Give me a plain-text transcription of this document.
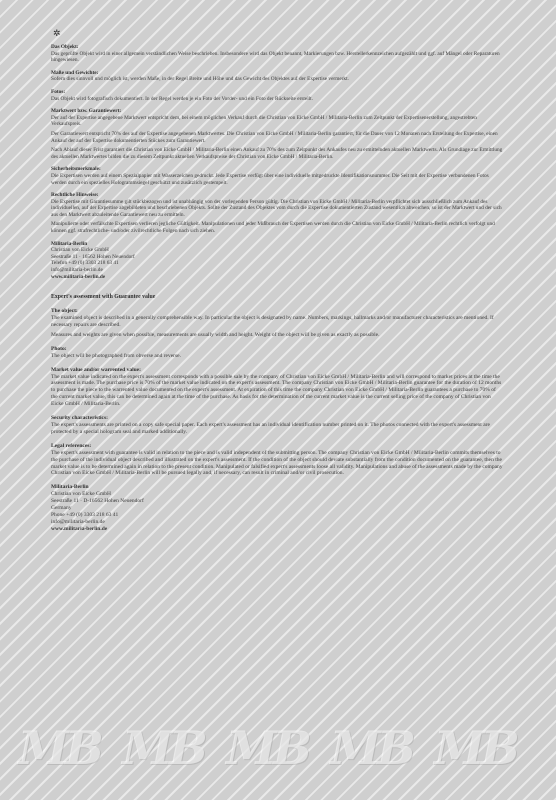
✲
Das Objekt:

Das geprüfte Objekt wird in einer allgemein verständlichen Weise beschrieben. Insbesondere wird das Objekt benannt, Markierungen bzw. Herstellerkennzeichen aufgezählt und ggf. auf Mängel oder Reparaturen hingewiesen.

Maße und Gewichte:

Sofern dies sinnvoll und möglich ist, werden Maße, in der Regel Breite und Höhe und das Gewicht des Objektes auf der Expertise vermerkt.

Fotos:

Das Objekt wird fotografisch dokumentiert. In der Regel werden je ein Foto der Vorder- und ein Foto der Rückseite erstellt.

Marktwert bzw. Garantiewert:

Der auf der Expertise angegebene Marktwert entspricht dem, bei einem möglichen Verkauf durch die Christian von Eicke GmbH / Militaria-Berlin zum Zeitpunkt der Expertisenerstellung, angestrebten Verkaufspreis.

Der Garantiewert entspricht 70% des auf der Expertise angegebenen Marktwertes. Die Christian von Eicke GmbH / Militaria-Berlin garantiert, für die Dauer von 12 Monaten nach Erstellung der Expertise, einen Ankauf der auf der Expertise dokumentierten Stückes zum Garantiewert.

Nach Ablauf dieser Frist garantiert die Christian von Eicke GmbH / Militaria-Berlin einen Ankauf zu 70% des zum Zeitpunkt des Ankaufes neu zu ermittelnden aktuellen Marktwerts. Als Grundlage zur Ermittlung des aktuellen Marktwertes bilden die zu diesem Zeitpunkt aktuellen Verkaufspreise der Christian von Eicke GmbH / Militaria-Berlin.

Sicherheitsmerkmale:

Die Expertisen werden auf einem Spezialpapier mit Wasserzeichen gedruckt. Jede Expertise verfügt über eine individuelle mitgedruckte Identifikationsnummer. Die Seit mit der Expertise verbundenen Fotos werden durch ein spezielles Hologrammsiegel geschützt und zusätzlich gestempelt.

Rechtliche Hinweise:

Die Expertise mit Garantiesumme gilt stückbezogen und ist unabhängig von der vorlegenden Person gültig. Die Christian von Eicke GmbH / Militaria-Berlin verpflichtet sich ausschließlich zum Ankauf des individuellen, auf der Expertise abgebildeten und beschriebenen Objekts. Sollte der Zustand des Objektes vom durch die Expertise dokumentierten Zustand wesentlich abweichen, so ist der Marktwert und der sich aus den Marktwert abzuleitende Garantiewert neu zu ermitteln.

Manipulierte oder verfälschte Expertisen verlieren jegliche Gültigkeit. Manipulationen und jeder Mißbrauch der Expertisen werden durch die Christian von Eicke GmbH / Militaria-Berlin rechtlich verfolgt und können ggf. strafrechtliche- und/oder zivilrechtliche Folgen nach sich ziehen.

Militaria-Berlin

Christian von Eicke GmbH

Seestraße 11 · 16562 Hohen Neuendorf

Telefon +49 (0) 3303 218 63 41

info@militaria-berlin.de

www.militaria-berlin.de

Expert's assessment with Guarantee value
The object:

The examined object is described in a generally comprehensible way. In particular the object is designated by name. Numbers, markings, hallmarks and/or manufacturer characteristics are mentioned. If necessary repairs are described.

Measures and weights are given when possible, measurements are usually width and height. Weight of the object will be given as exactly as possible.

Photo:

The object will be photographed from obverse and reverse.

Market value and/or warrented value:

The market value indicated on the expert's assessment corresponds with a possible sale by the company of Christian von Eicke GmbH / Militaria-Berlin and will correspond to market prices at the time the assessment is made. The purchase price is 70% of the market value indicated on the expert's assessment. The company Christian von Eicke GmbH / Militaria-Berlin guarantee for the duration of 12 months to purchase the piece to the warrented value documented on the expert's assessment. At expiration of this time the company Christian von Eicke GmbH / Militaria-Berlin guarantees a purchase to 70% of the current market value, this can be determined again at the time of the purchase. As basis for the determination of the current market value is the current selling price of the company of Christian von Eicke GmbH / Militaria-Berlin.

Security characteristics:

The expert's assessments are printed on a copy safe special paper. Each expert's assessment has an individual identification number printed on it. The photos connected with the expert's assessment are protected by a special hologram seal and marked additionally.

Legal references:

The expert's assessment with guarantee is valid in relation to the piece and is valid independent of the submitting person. The company Christian von Eicke GmbH / Militaria-Berlin commits themselves to the purchase of the individual object described and illustrated on the expert's assessment. If the condition of the object should deviate substantially from the condition documented on the guarantee, then the market value is to be determined again in relation to the present condition. Manipulated or falsified expert's assessments loose all validity. Manipulations and abuse of the assessments made by the company Christian von Eicke GmbH / Militaria-Berlin will be pursued legally and, if necessary, can result in criminal and/or civil prosecution.

Militaria-Berlin

Christian von Eicke GmbH

Seestraße 11 · D-16562 Hohen Neuendorf

Germany

Phone +49 (0) 3303 218 63 41

info@militaria-berlin.de

www.militaria-berlin.de

MB MB MB MB MB
